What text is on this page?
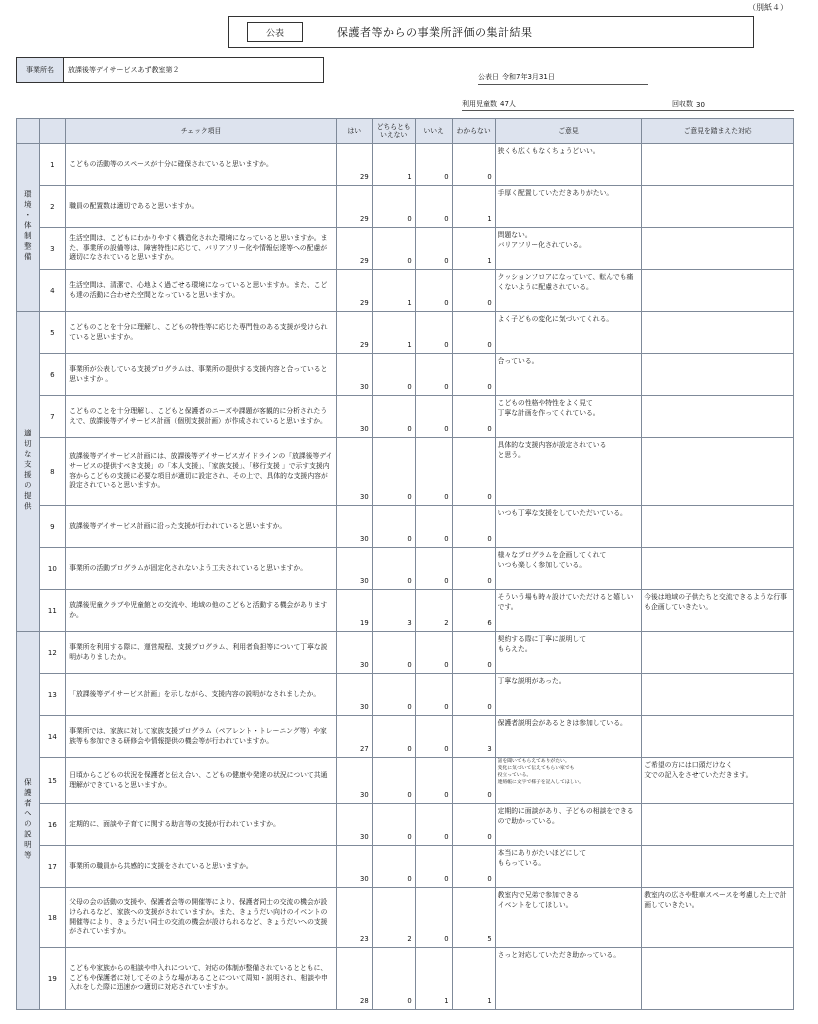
（別紙４）
公表	保護者等からの事業所評価の集計結果
事業所名	放課後等デイサービスあず教室第２
公表日 令和7年3月31日
利用児童数 47人	回収数 30
		チェック項目	はい	どちらとも
いえない	いいえ	わからない	ご意見	ご意見を踏まえた対応
環境・体制整備	1	こどもの活動等のスペースが十分に確保されていると思いますか。	29	1	0	0	狭くも広くもなくちょうどいい。	
	2	職員の配置数は適切であると思いますか。	29	0	0	1	手厚く配置していただきありがたい。	
	3	生活空間は、こどもにわかりやすく構造化された環境になっていると思いますか。また、事業所の設備等は、障害特性に応じて、バリアフリー化や情報伝達等への配慮が適切になされていると思いますか。	29	0	0	1	問題ない。
バリアフリー化されている。	
	4	生活空間は、清潔で、心地よく過ごせる環境になっていると思いますか。また、こども達の活動に合わせた空間となっていると思いますか。	29	1	0	0	クッションフロアになっていて、転んでも痛くないように配慮されている。	
適切な支援の提供	5	こどものことを十分に理解し、こどもの特性等に応じた専門性のある支援が受けられていると思いますか。	29	1	0	0	よく子どもの変化に気づいてくれる。	
	6	事業所が公表している支援プログラムは、事業所の提供する支援内容と合っていると思いますか 。	30	0	0	0	合っている。	
	7	こどものことを十分理解し、こどもと保護者のニーズや課題が客観的に分析されたうえで、放課後等デイサービス計画（個別支援計画）が作成されていると思いますか。	30	0	0	0	こどもの性格や特性をよく見て
丁寧な計画を作ってくれている。	
	8	放課後等デイサービス計画には、放課後等デイサービスガイドラインの「放課後等デイサービスの提供すべき支援」の「本人支援」、「家族支援」、「移行支援 」で示す支援内容からこどもの支援に必要な項目が適切に設定され、その上で、具体的な支援内容が設定されていると思いますか。	30	0	0	0	具体的な支援内容が設定されている
と思う。	
	9	放課後等デイサービス計画に沿った支援が行われていると思いますか。	30	0	0	0	いつも丁寧な支援をしていただいている。	
	10	事業所の活動プログラムが固定化されないよう工夫されていると思いますか。	30	0	0	0	様々なプログラムを企画してくれて
いつも楽しく参加している。	
	11	放課後児童クラブや児童館との交流や、地域の他のこどもと活動する機会がありますか。	19	3	2	6	そういう場も時々設けていただけると嬉しいです。	今後は地域の子供たちと交流できるような行事も企画していきたい。
保護者への説明等	12	事業所を利用する際に、運営規程、支援プログラム、利用者負担等について丁寧な説明がありましたか。	30	0	0	0	契約する際に丁寧に説明して
もらえた。	
	13	「放課後等デイサービス計画」を示しながら、支援内容の説明がなされましたか。	30	0	0	0	丁寧な説明があった。	
	14	事業所では、家族に対して家族支援プログラム（ペアレント・トレーニング等）や家族等も参加できる研修会や情報提供の機会等が行われていますか。	27	0	0	3	保護者説明会があるときは参加している。	
	15	日頃からこどもの状況を保護者と伝え合い、こどもの健康や発達の状況について共通理解ができていると思いますか。	30	0	0	0	話を聞いてもらえてありがたい。
変化に気づいて伝えてもらい家でも
役立っている。
連絡帳に文字で様子を記入してほしい。	ご希望の方には口頭だけなく
文での記入をさせていただきます。
	16	定期的に、面談や子育てに関する助言等の支援が行われていますか。	30	0	0	0	定期的に面談があり、子どもの相談をできるので助かっている。	
	17	事業所の職員から共感的に支援をされていると思いますか。	30	0	0	0	本当にありがたいほどにして
もらっている。	
	18	父母の会の活動の支援や、保護者会等の開催等により、保護者同士の交流の機会が設けられるなど、家族への支援がされていますか。また、きょうだい向けのイベントの開催等により、きょうだい同士の交流の機会が設けられるなど、きょうだいへの支援がされていますか。	23	2	0	5	教室内で兄弟で参加できる
イベントをしてほしい。	教室内の広さや駐車スペースを考慮した上で計画していきたい。
	19	こどもや家族からの相談や申入れについて、対応の体制が整備されているとともに、こどもや保護者に対してそのような場があることについて周知・説明され、相談や申入れをした際に迅速かつ適切に対応されていますか。	28	0	1	1	さっと対応していただき助かっている。	
